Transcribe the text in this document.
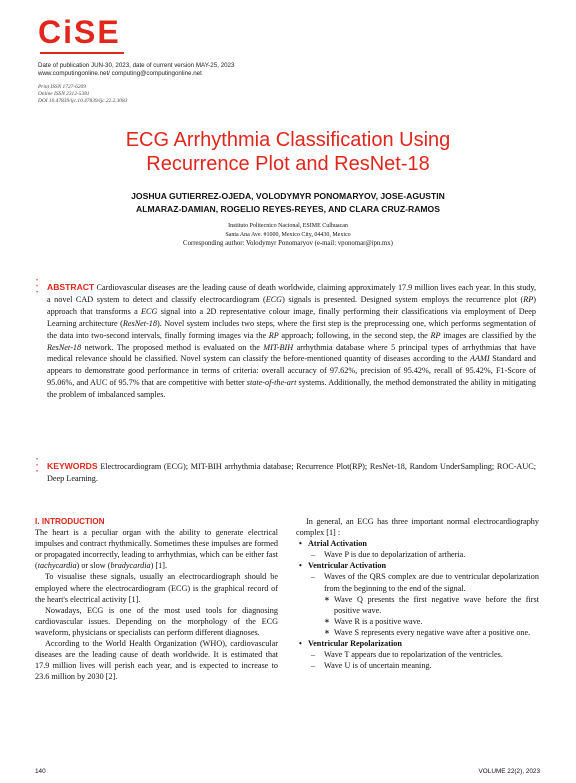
CiSE
Date of publication JUN-30, 2023, date of current version MAY-25, 2023
www.computingonline.net/ computing@computingonline.net
Print ISSN 1727-6209
Online ISSN 2312-5381
DOI 10.47839/ijc.10.47839/ijc.22.2.3083
ECG Arrhythmia Classification Using
Recurrence Plot and ResNet-18
JOSHUA GUTIERREZ-OJEDA, VOLODYMYR PONOMARYOV, JOSE-AGUSTIN
ALMARAZ-DAMIAN, ROGELIO REYES-REYES, AND CLARA CRUZ-RAMOS
Instituto Politecnico Nacional, ESIME Culhuacan
Santa Ana Ave. #1000, Mexico City, 04430, Mexico
Corresponding author: Volodymyr Ponomaryov (e-mail: vponomar@ipn.mx)
•
•
•
ABSTRACT Cardiovascular diseases are the leading cause of death worldwide, claiming approximately 17.9 million lives each year. In this study, a novel CAD system to detect and classify electrocardiogram (ECG) signals is presented. Designed system employs the recurrence plot (RP) approach that transforms a ECG signal into a 2D representative colour image, finally performing their classifications via employment of Deep Learning architecture (ResNet-18). Novel system includes two steps, where the first step is the preprocessing one, which performs segmentation of the data into two-second intervals, finally forming images via the RP approach; following, in the second step, the RP images are classified by the ResNet-18 network. The proposed method is evaluated on the MIT-BIH arrhythmia database where 5 principal types of arrhythmias that have medical relevance should be classified. Novel system can classify the before-mentioned quantity of diseases according to the AAMI Standard and appears to demonstrate good performance in terms of criteria: overall accuracy of 97.62%, precision of 95.42%, recall of 95.42%, F1-Score of 95.06%, and AUC of 95.7% that are competitive with better state-of-the-art systems. Additionally, the method demonstrated the ability in mitigating the problem of imbalanced samples.
•
•
•
KEYWORDS Electrocardiogram (ECG); MIT-BIH arrhythmia database; Recurrence Plot(RP); ResNet-18, Random UnderSampling; ROC-AUC; Deep Learning.

I. INTRODUCTION

The heart is a peculiar organ with the ability to generate electrical impulses and contract rhythmically. Sometimes these impulses are formed or propagated incorrectly, leading to arrhythmias, which can be either fast (tachycardia) or slow (bradycardia) [1].

To visualise these signals, usually an electrocardiograph should be employed where the electrocardiogram (ECG) is the graphical record of the heart's electrical activity [1].

Nowadays, ECG is one of the most used tools for diagnosing cardiovascular issues. Depending on the morphology of the ECG waveform, physicians or specialists can perform different diagnoses.

According to the World Health Organization (WHO), cardiovascular diseases are the leading cause of death worldwide. It is estimated that 17.9 million lives will perish each year, and is expected to increase to 23.6 million by 2030 [2].

In general, an ECG has three important normal electrocardiography complex [1] :

• Atrial Activation
– Wave P is due to depolarization of artheria.
• Ventricular Activation
– Waves of the QRS complex are due to ventricular depolarization from the beginning to the end of the signal.
∗ Wave Q presents the first negative wave before the first positive wave.
∗ Wave R is a positive wave.
∗ Wave S represents every negative wave after a positive one.
• Ventricular Repolarization
– Wave T appears due to repolarization of the ventricles.
– Wave U is of uncertain meaning.
140	VOLUME 22(2), 2023
